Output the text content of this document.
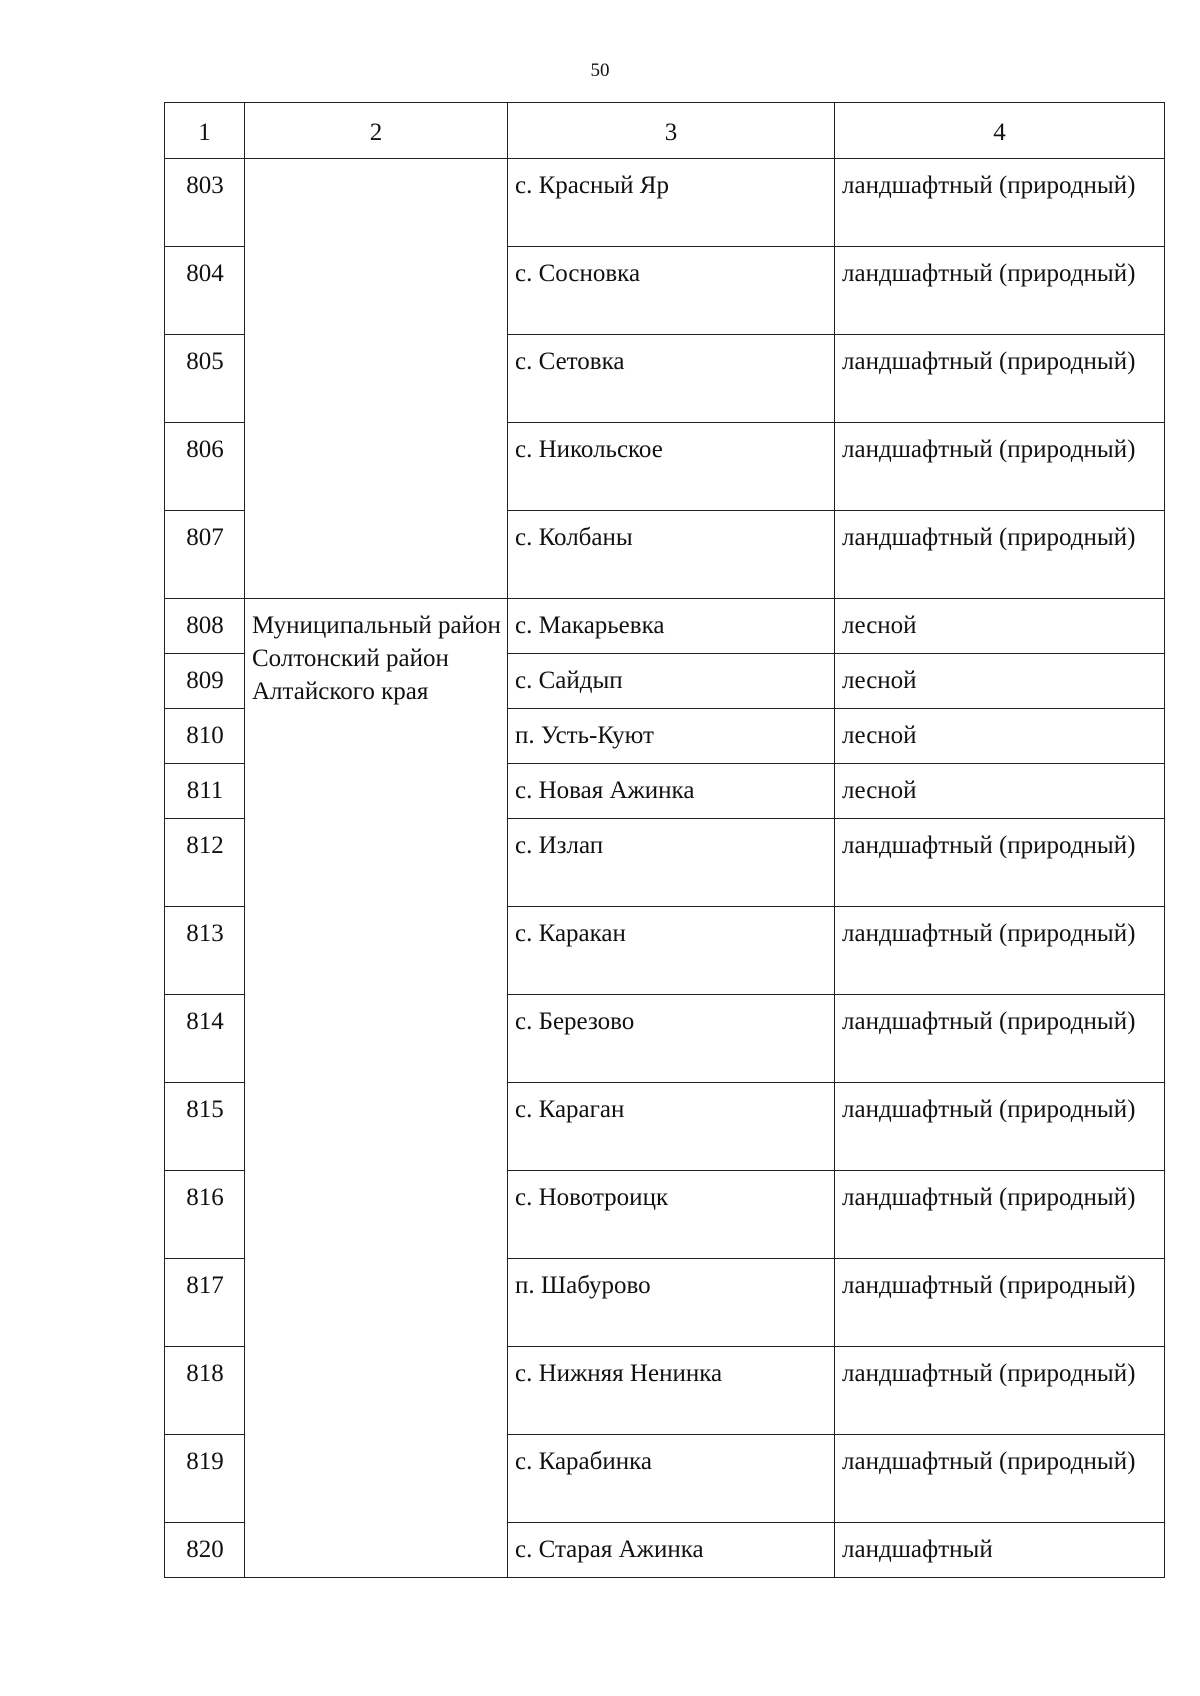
50
1	2	3	4
803		с. Красный Яр	ландшафтный (природный)
804		с. Сосновка	ландшафтный (природный)
805		с. Сетовка	ландшафтный (природный)
806		с. Никольское	ландшафтный (природный)
807		с. Колбаны	ландшафтный (природный)
808	Муниципальный район Солтонский район Алтайского края	с. Макарьевка	лесной
809		с. Сайдып	лесной
810		п. Усть-Куют	лесной
811		с. Новая Ажинка	лесной
812		с. Излап	ландшафтный (природный)
813		с. Каракан	ландшафтный (природный)
814		с. Березово	ландшафтный (природный)
815		с. Караган	ландшафтный (природный)
816		с. Новотроицк	ландшафтный (природный)
817		п. Шабурово	ландшафтный (природный)
818		с. Нижняя Ненинка	ландшафтный (природный)
819		с. Карабинка	ландшафтный (природный)
820		с. Старая Ажинка	ландшафтный
